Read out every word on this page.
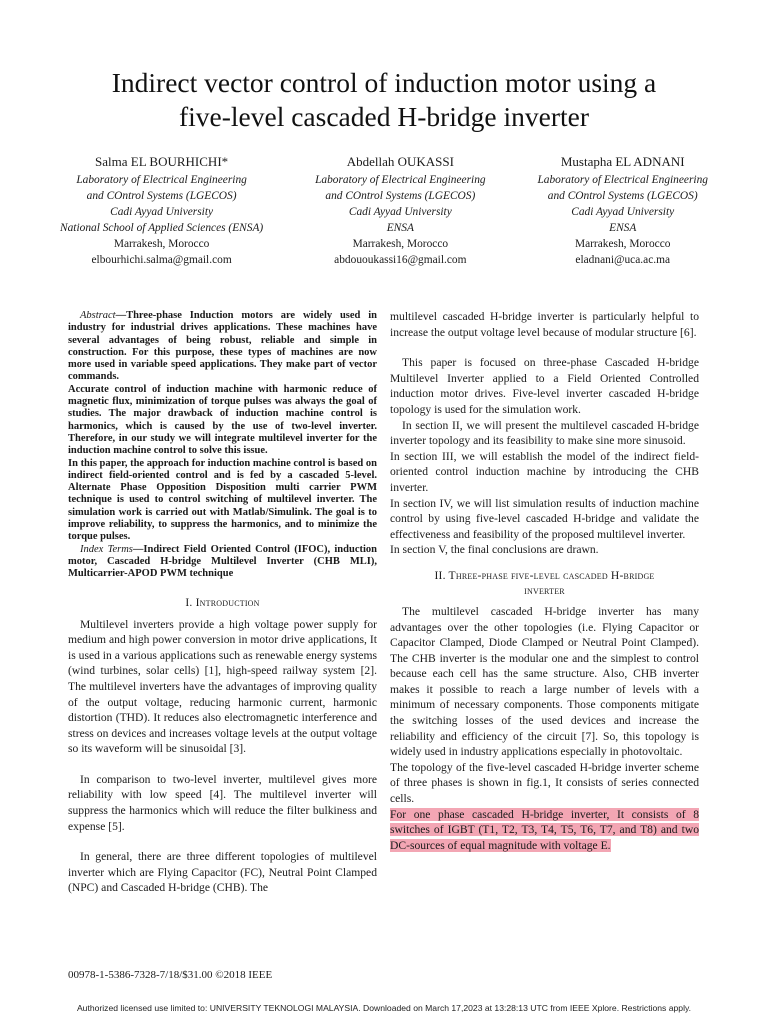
Indirect vector control of induction motor using a
five-level cascaded H-bridge inverter
Salma EL BOURHICHI*
Laboratory of Electrical Engineering
and COntrol Systems (LGECOS)
Cadi Ayyad University
National School of Applied Sciences (ENSA)
Marrakesh, Morocco
elbourhichi.salma@gmail.com
Abdellah OUKASSI
Laboratory of Electrical Engineering
and COntrol Systems (LGECOS)
Cadi Ayyad University
ENSA
Marrakesh, Morocco
abdououkassi16@gmail.com
Mustapha EL ADNANI
Laboratory of Electrical Engineering
and COntrol Systems (LGECOS)
Cadi Ayyad University
ENSA
Marrakesh, Morocco
eladnani@uca.ac.ma

Abstract—Three-phase Induction motors are widely used in industry for industrial drives applications. These machines have several advantages of being robust, reliable and simple in construction. For this purpose, these types of machines are now more used in variable speed applications. They make part of vector commands.

Accurate control of induction machine with harmonic reduce of magnetic flux, minimization of torque pulses was always the goal of studies. The major drawback of induction machine control is harmonics, which is caused by the use of two-level inverter. Therefore, in our study we will integrate multilevel inverter for the induction machine control to solve this issue.

In this paper, the approach for induction machine control is based on indirect field-oriented control and is fed by a cascaded 5-level. Alternate Phase Opposition Disposition multi carrier PWM technique is used to control switching of multilevel inverter. The simulation work is carried out with Matlab/Simulink. The goal is to improve reliability, to suppress the harmonics, and to minimize the torque pulses.

Index Terms—Indirect Field Oriented Control (IFOC), induction motor, Cascaded H-bridge Multilevel Inverter (CHB MLI), Multicarrier-APOD PWM technique

I. Introduction

Multilevel inverters provide a high voltage power supply for medium and high power conversion in motor drive applications, It is used in a various applications such as renewable energy systems (wind turbines, solar cells) [1], high-speed railway system [2]. The multilevel inverters have the advantages of improving quality of the output voltage, reducing harmonic current, harmonic distortion (THD). It reduces also electromagnetic interference and stress on devices and increases voltage levels at the output voltage so its waveform will be sinusoidal [3].

In comparison to two-level inverter, multilevel gives more reliability with low speed [4]. The multilevel inverter will suppress the harmonics which will reduce the filter bulkiness and expense [5].

In general, there are three different topologies of multilevel inverter which are Flying Capacitor (FC), Neutral Point Clamped (NPC) and Cascaded H-bridge (CHB). The

multilevel cascaded H-bridge inverter is particularly helpful to increase the output voltage level because of modular structure [6].

This paper is focused on three-phase Cascaded H-bridge Multilevel Inverter applied to a Field Oriented Controlled induction motor drives. Five-level inverter cascaded H-bridge topology is used for the simulation work.

In section II, we will present the multilevel cascaded H-bridge inverter topology and its feasibility to make sine more sinusoid.

In section III, we will establish the model of the indirect field-oriented control induction machine by introducing the CHB inverter.

In section IV, we will list simulation results of induction machine control by using five-level cascaded H-bridge and validate the effectiveness and feasibility of the proposed multilevel inverter.

In section V, the final conclusions are drawn.

II. Three-phase five-level cascaded H-bridge
inverter

The multilevel cascaded H-bridge inverter has many advantages over the other topologies (i.e. Flying Capacitor or Capacitor Clamped, Diode Clamped or Neutral Point Clamped). The CHB inverter is the modular one and the simplest to control because each cell has the same structure. Also, CHB inverter makes it possible to reach a large number of levels with a minimum of necessary components. Those components mitigate the switching losses of the used devices and increase the reliability and efficiency of the circuit [7]. So, this topology is widely used in industry applications especially in photovoltaic.

The topology of the five-level cascaded H-bridge inverter scheme of three phases is shown in fig.1, It consists of series connected cells.

For one phase cascaded H-bridge inverter, It consists of 8 switches of IGBT (T1, T2, T3, T4, T5, T6, T7, and T8) and two DC-sources of equal magnitude with voltage E.

00978-1-5386-7328-7/18/$31.00 ©2018 IEEE
Authorized licensed use limited to: UNIVERSITY TEKNOLOGI MALAYSIA. Downloaded on March 17,2023 at 13:28:13 UTC from IEEE Xplore. Restrictions apply.
